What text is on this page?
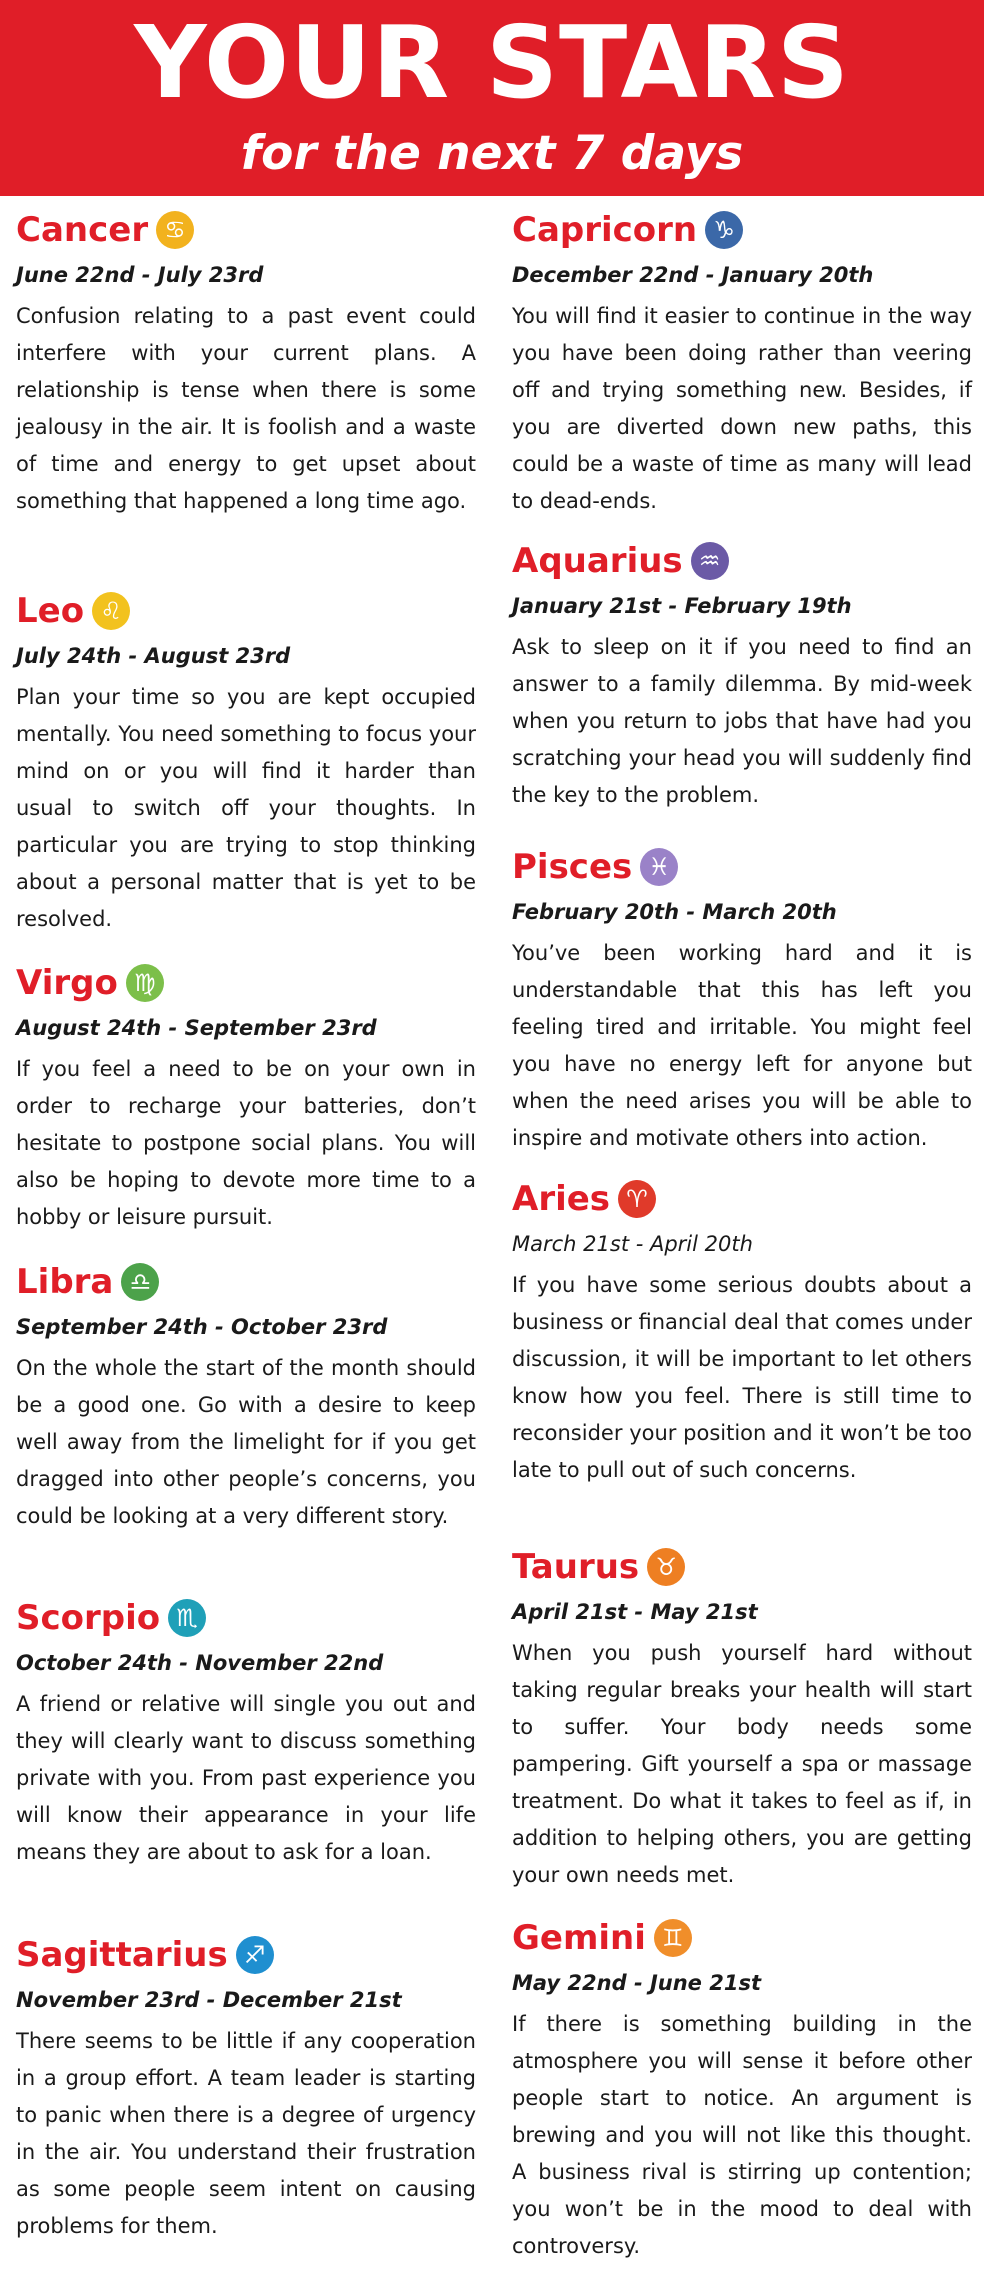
YOUR STARS
for the next 7 days
Cancer ♋
June 22nd - July 23rd
Confusion relating to a past event could interfere with your current plans. A relationship is tense when there is some jealousy in the air. It is foolish and a waste of time and energy to get upset about something that happened a long time ago.
Leo ♌
July 24th - August 23rd
Plan your time so you are kept occupied mentally. You need something to focus your mind on or you will find it harder than usual to switch off your thoughts. In particular you are trying to stop thinking about a personal matter that is yet to be resolved.
Virgo ♍
August 24th - September 23rd
If you feel a need to be on your own in order to recharge your batteries, don’t hesitate to postpone social plans. You will also be hoping to devote more time to a hobby or leisure pursuit.
Libra ♎
September 24th - October 23rd
On the whole the start of the month should be a good one. Go with a desire to keep well away from the limelight for if you get dragged into other people’s concerns, you could be looking at a very different story.
Scorpio ♏
October 24th - November 22nd
A friend or relative will single you out and they will clearly want to discuss something private with you. From past experience you will know their appearance in your life means they are about to ask for a loan.
Sagittarius ♐
November 23rd - December 21st
There seems to be little if any cooperation in a group effort. A team leader is starting to panic when there is a degree of urgency in the air. You understand their frustration as some people seem intent on causing problems for them.
Capricorn ♑
December 22nd - January 20th
You will find it easier to continue in the way you have been doing rather than veering off and trying something new. Besides, if you are diverted down new paths, this could be a waste of time as many will lead to dead-ends.
Aquarius ♒
January 21st - February 19th
Ask to sleep on it if you need to find an answer to a family dilemma. By mid-week when you return to jobs that have had you scratching your head you will suddenly find the key to the problem.
Pisces ♓
February 20th - March 20th
You’ve been working hard and it is understandable that this has left you feeling tired and irritable. You might feel you have no energy left for anyone but when the need arises you will be able to inspire and motivate others into action.
Aries ♈
March 21st - April 20th
If you have some serious doubts about a business or financial deal that comes under discussion, it will be important to let others know how you feel. There is still time to reconsider your position and it won’t be too late to pull out of such concerns.
Taurus ♉
April 21st - May 21st
When you push yourself hard without taking regular breaks your health will start to suffer. Your body needs some pampering. Gift yourself a spa or massage treatment. Do what it takes to feel as if, in addition to helping others, you are getting your own needs met.
Gemini ♊
May 22nd - June 21st
If there is something building in the atmosphere you will sense it before other people start to notice. An argument is brewing and you will not like this thought. A business rival is stirring up contention; you won’t be in the mood to deal with controversy.
